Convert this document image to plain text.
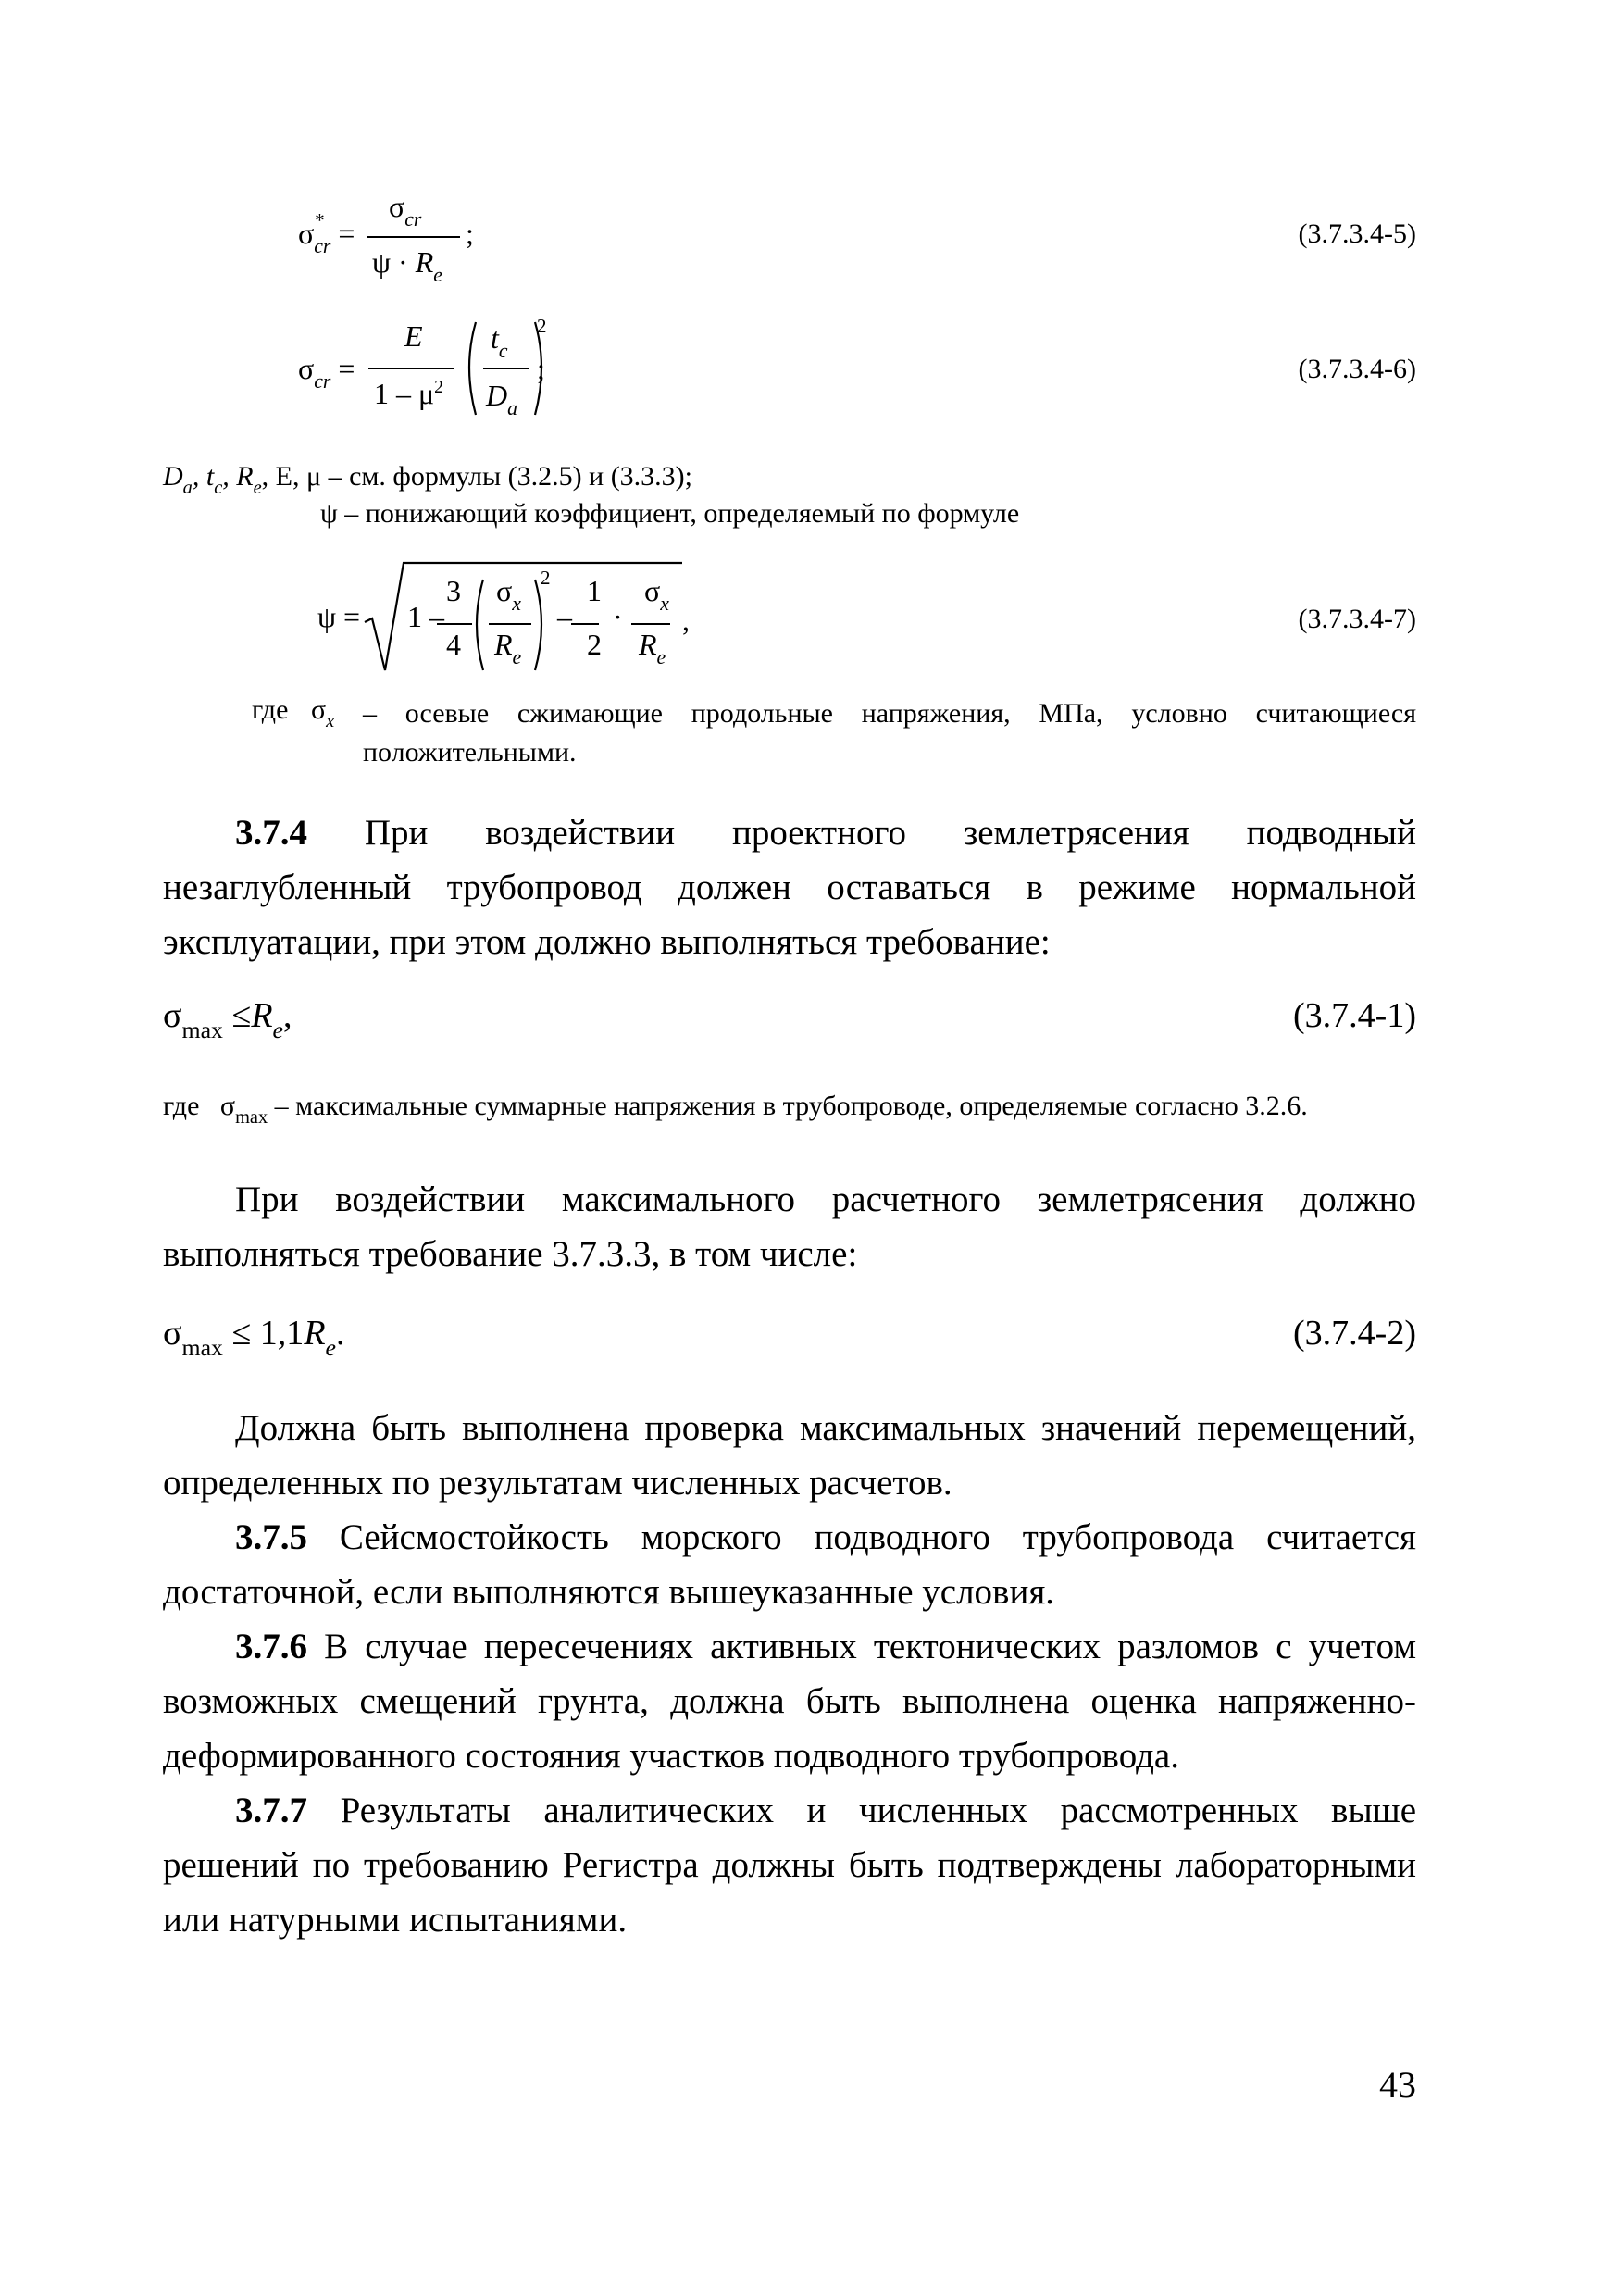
$\sigma_{cr}$
* =
$\sigma_{cr}$
$\psi \cdot R_e$
;	(3.7.3.4-5)
$\sigma_{cr}$ =
E
$1 - \mu^2$
$t_c$
$D_a$
2
;	(3.7.3.4-6)
$D_a$, $t_c$, $R_e$, E, μ – см. формулы (3.2.5) и (3.3.3);
ψ – понижающий коэффициент, определяемый по формуле
ψ = 1 –
3
4
$\sigma_x$
$R_e$
2
–
1
2
·
$\sigma_x$
$R_e$
,	(3.7.3.4-7)
где $\sigma_x$ – осевые сжимающие продольные напряжения, МПа, условно считающиеся положительными.

3.7.4 При воздействии проектного землетрясения подводный незаглубленный трубопровод должен оставаться в режиме нормальной эксплуатации, при этом должно выполняться требование:

$\sigma_{max} \le R_e$,	(3.7.4-1)
где $\sigma_{max}$ – максимальные суммарные напряжения в трубопроводе, определяемые согласно 3.2.6.

При воздействии максимального расчетного землетрясения должно выполняться требование 3.7.3.3, в том числе:

$\sigma_{max} \le 1,1R_e$.	(3.7.4-2)

Должна быть выполнена проверка максимальных значений перемещений, определенных по результатам численных расчетов.

3.7.5 Сейсмостойкость морского подводного трубопровода считается достаточной, если выполняются вышеуказанные условия.

3.7.6 В случае пересечениях активных тектонических разломов с учетом возможных смещений грунта, должна быть выполнена оценка напряженно-деформированного состояния участков подводного трубопровода.

3.7.7 Результаты аналитических и численных рассмотренных выше решений по требованию Регистра должны быть подтверждены лабораторными или натурными испытаниями.

43
